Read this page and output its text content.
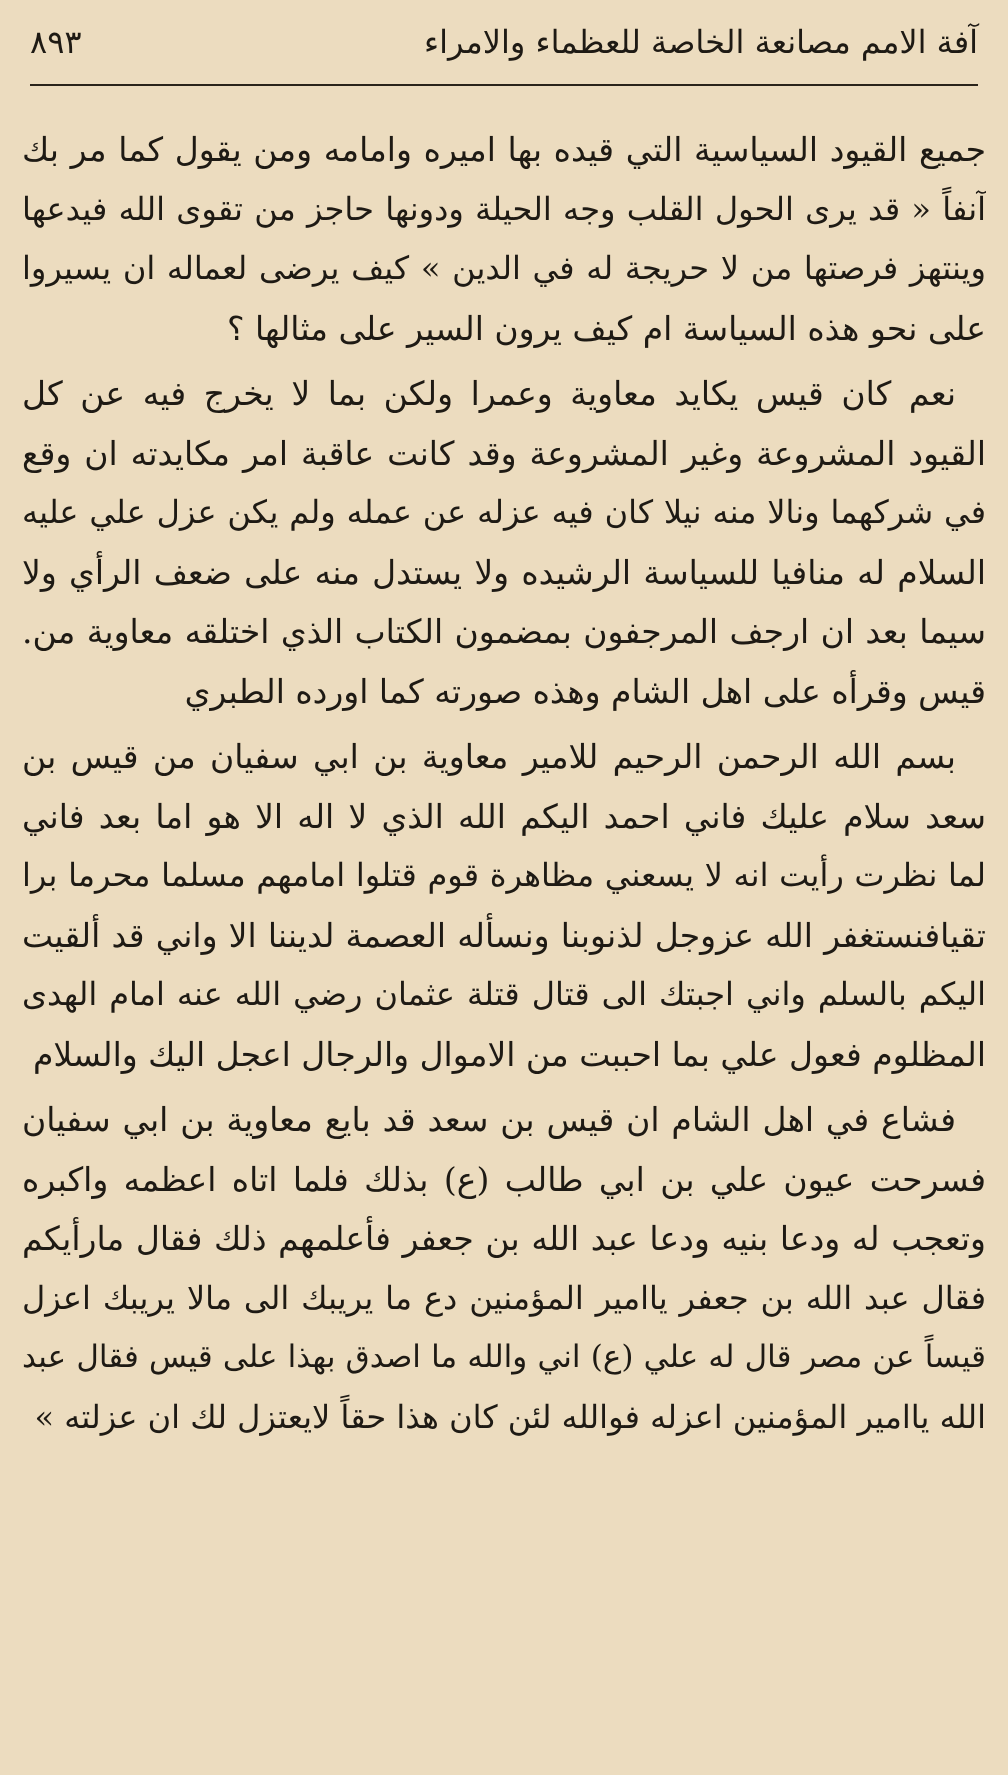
آفة الامم مصانعة الخاصة للعظماء والامراء
٨٩٣
جميع القيود السياسية التي قيده بها اميره وامامه ومن يقول كما مر بك
آنفاً « قد يرى الحول القلب وجه الحيلة ودونها حاجز من تقوى الله فيدعها
وينتهز فرصتها من لا حريجة له في الدين » كيف يرضى لعماله ان يسيروا
على نحو هذه السياسة ام كيف يرون السير على مثالها ؟
نعم كان قيس يكايد معاوية وعمرا ولكن بما لا يخرج فيه عن كل
القيود المشروعة وغير المشروعة وقد كانت عاقبة امر مكايدته ان وقع
في شركهما ونالا منه نيلا كان فيه عزله عن عمله ولم يكن عزل علي عليه
السلام له منافيا للسياسة الرشيده ولا يستدل منه على ضعف الرأي ولا
سيما بعد ان ارجف المرجفون بمضمون الكتاب الذي اختلقه معاوية من.
قيس وقرأه على اهل الشام وهذه صورته كما اورده الطبري
بسم الله الرحمن الرحيم للامير معاوية بن ابي سفيان من قيس بن
سعد سلام عليك فاني احمد اليكم الله الذي لا اله الا هو اما بعد فاني
لما نظرت رأيت انه لا يسعني مظاهرة قوم قتلوا امامهم مسلما محرما برا
تقيافنستغفر الله عزوجل لذنوبنا ونسأله العصمة لديننا الا واني قد ألقيت
اليكم بالسلم واني اجبتك الى قتال قتلة عثمان رضي الله عنه امام الهدى
المظلوم فعول علي بما احببت من الاموال والرجال اعجل اليك والسلام
فشاع في اهل الشام ان قيس بن سعد قد بايع معاوية بن ابي سفيان
فسرحت عيون علي بن ابي طالب (ع) بذلك فلما اتاه اعظمه واكبره
وتعجب له ودعا بنيه ودعا عبد الله بن جعفر فأعلمهم ذلك فقال مارأيكم
فقال عبد الله بن جعفر ياامير المؤمنين دع ما يريبك الى مالا يريبك اعزل
قيساً عن مصر قال له علي (ع) اني والله ما اصدق بهذا على قيس فقال عبد
الله ياامير المؤمنين اعزله فوالله لئن كان هذا حقاً لايعتزل لك ان عزلته »
